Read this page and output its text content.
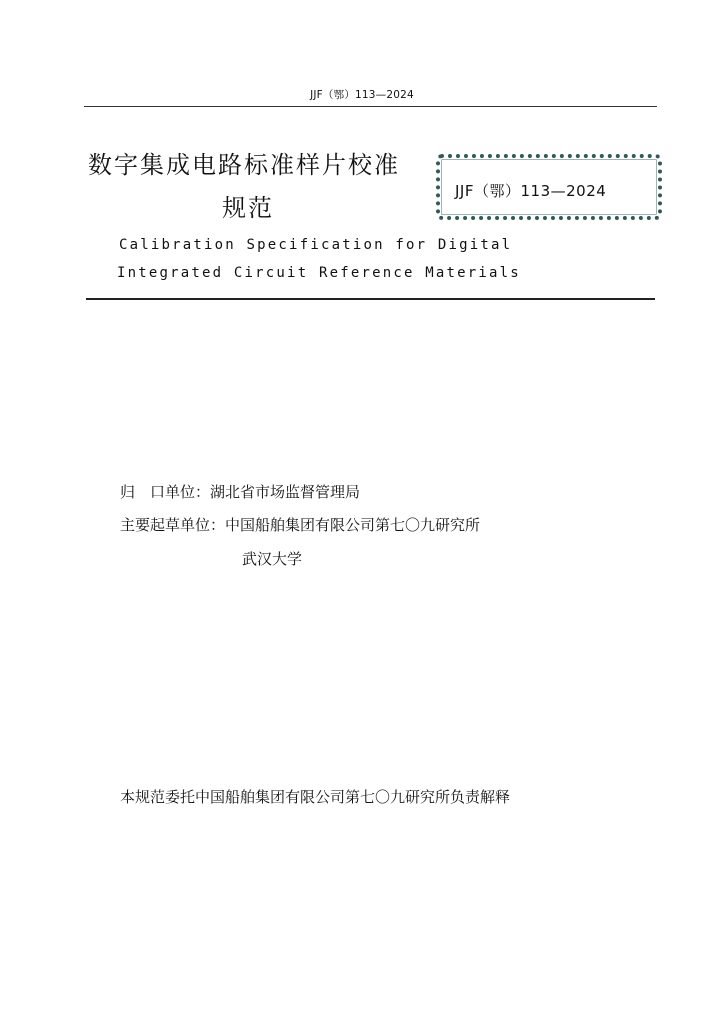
JJF（鄂）113—2024
数字集成电路标准样片校准
规范
JJF（鄂）113—2024
Calibration Specification for Digital
Integrated Circuit Reference Materials
归　口单位：湖北省市场监督管理局
主要起草单位：中国船舶集团有限公司第七〇九研究所
武汉大学
本规范委托中国船舶集团有限公司第七〇九研究所负责解释
